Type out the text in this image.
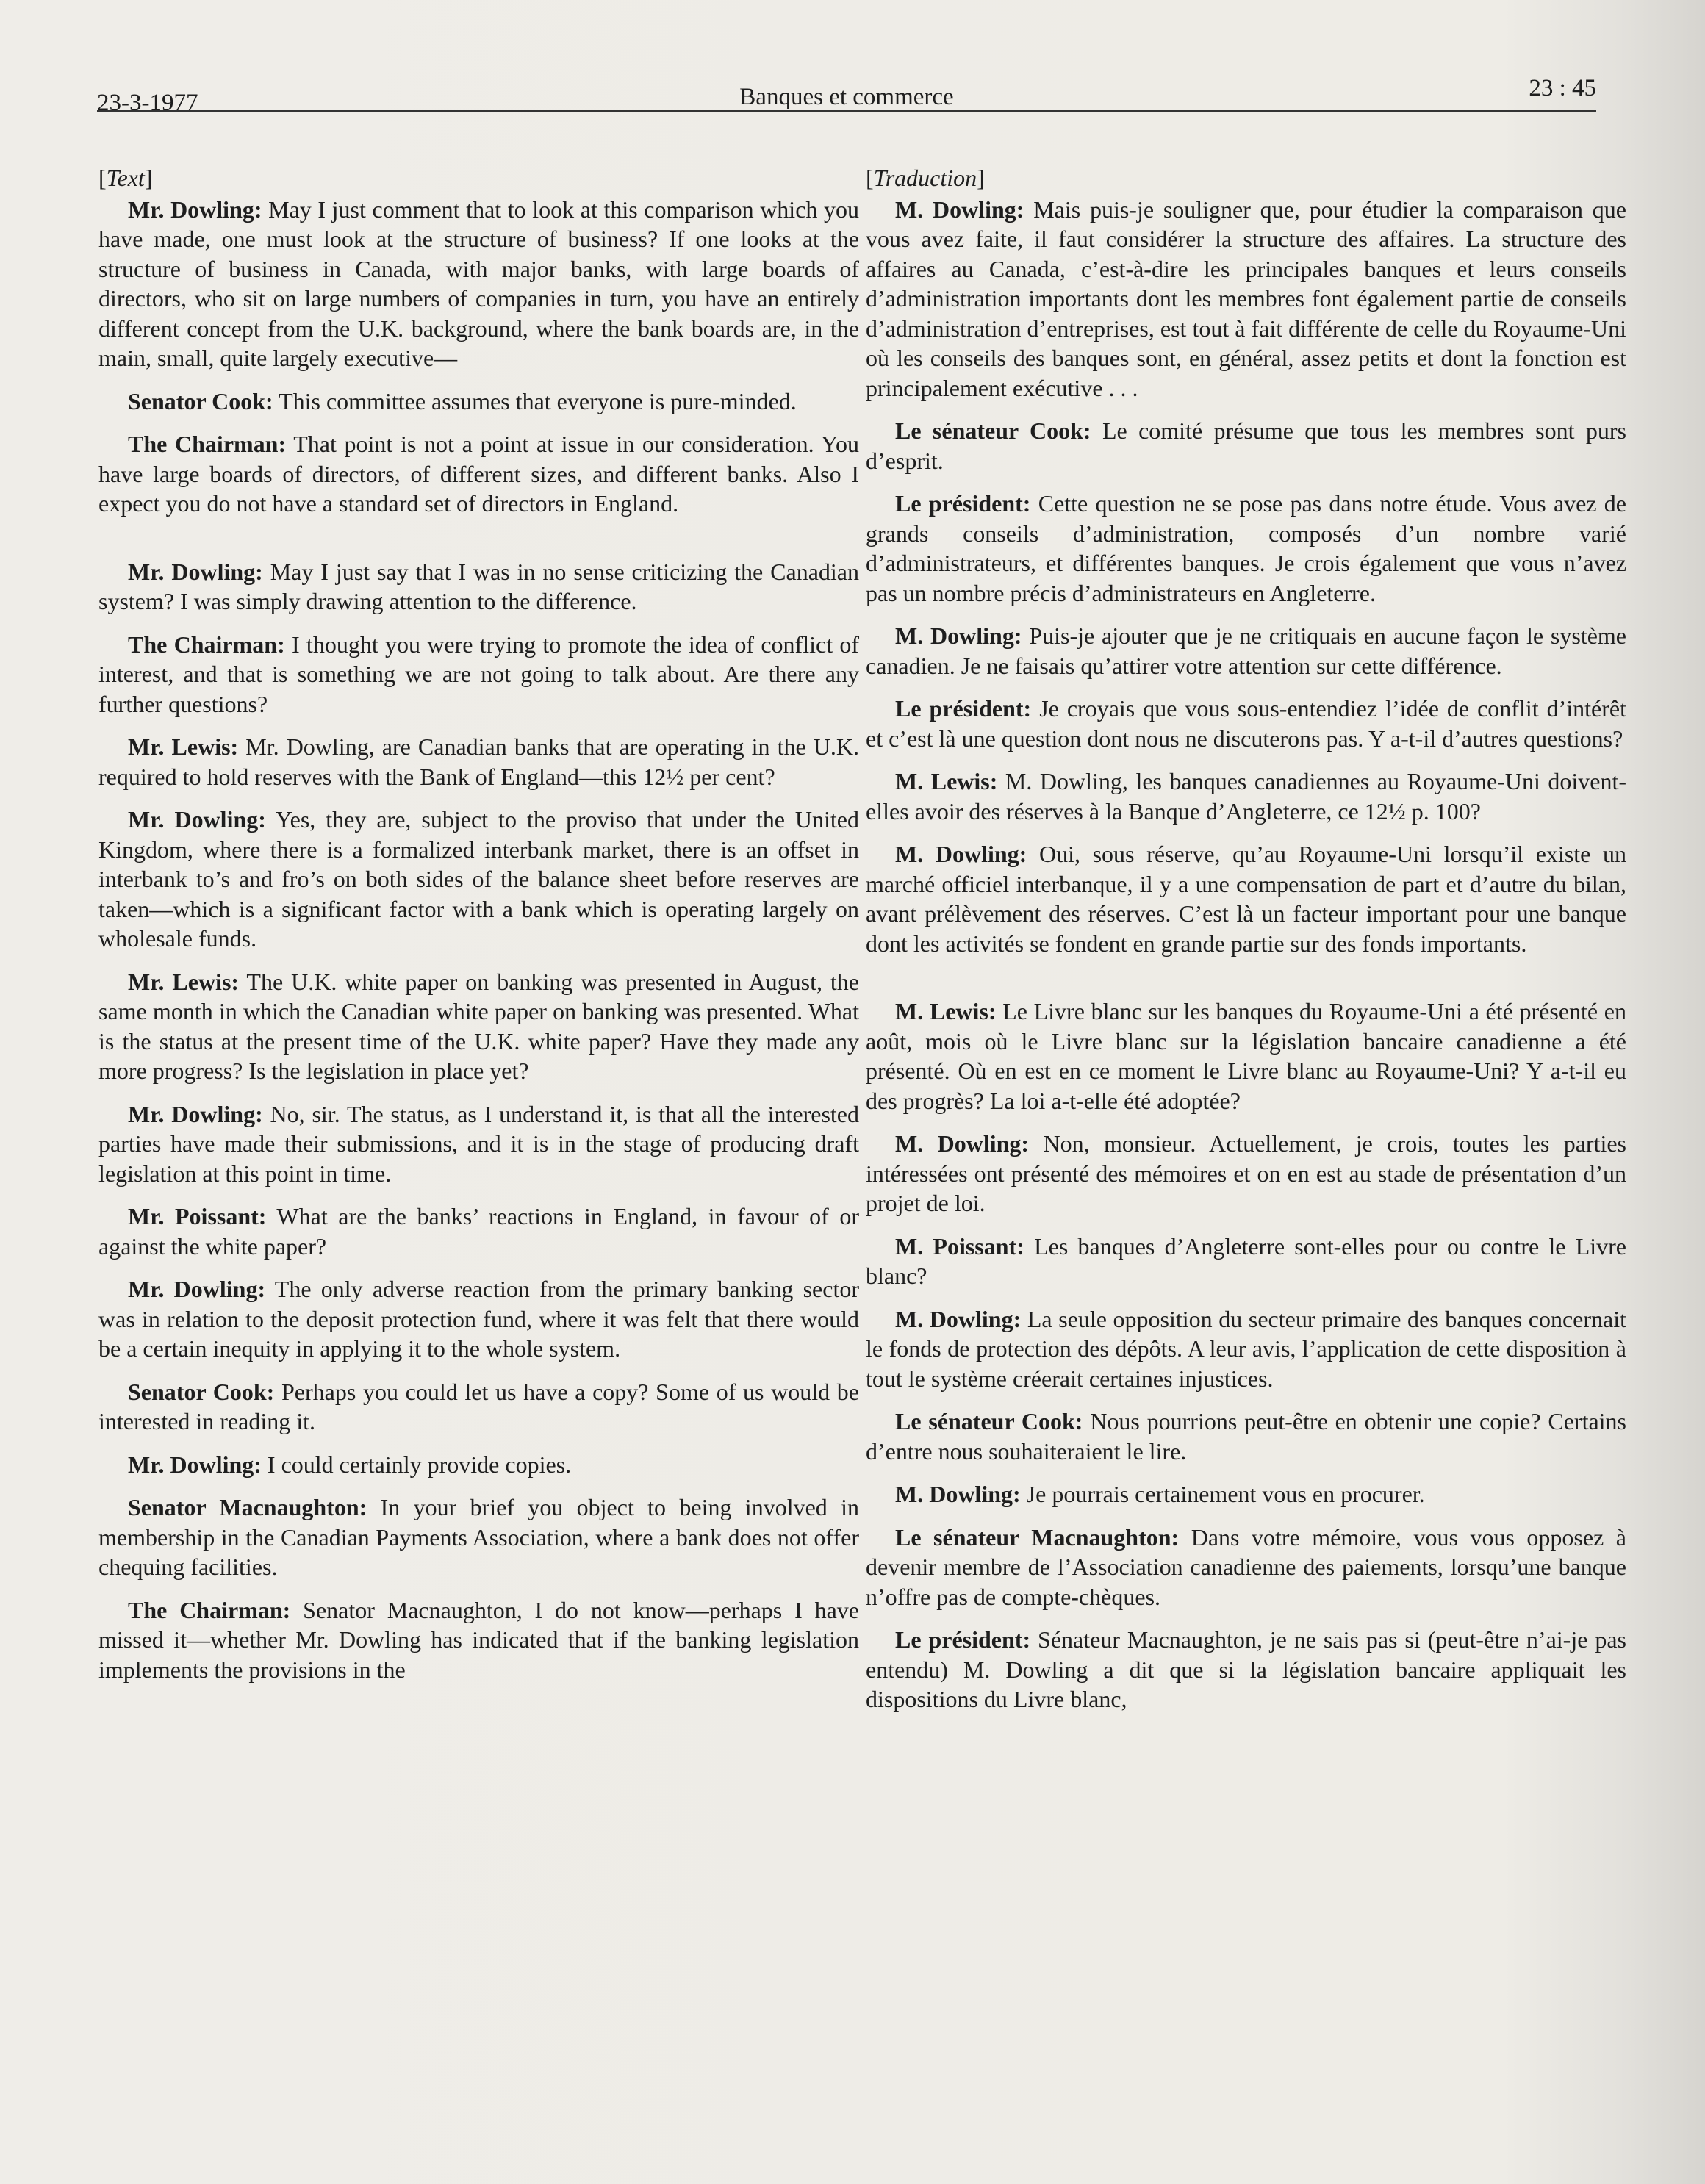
23-3-1977	Banques et commerce	23 : 45
[Text]

Mr. Dowling: May I just comment that to look at this comparison which you have made, one must look at the structure of business? If one looks at the structure of business in Canada, with major banks, with large boards of directors, who sit on large numbers of companies in turn, you have an entirely different concept from the U.K. background, where the bank boards are, in the main, small, quite largely executive—

Senator Cook: This committee assumes that everyone is pure-minded.

The Chairman: That point is not a point at issue in our consideration. You have large boards of directors, of different sizes, and different banks. Also I expect you do not have a standard set of directors in England.

Mr. Dowling: May I just say that I was in no sense criticizing the Canadian system? I was simply drawing attention to the difference.

The Chairman: I thought you were trying to promote the idea of conflict of interest, and that is something we are not going to talk about. Are there any further questions?

Mr. Lewis: Mr. Dowling, are Canadian banks that are operating in the U.K. required to hold reserves with the Bank of England—this 12½ per cent?

Mr. Dowling: Yes, they are, subject to the proviso that under the United Kingdom, where there is a formalized interbank market, there is an offset in interbank to’s and fro’s on both sides of the balance sheet before reserves are taken—which is a significant factor with a bank which is operating largely on wholesale funds.

Mr. Lewis: The U.K. white paper on banking was presented in August, the same month in which the Canadian white paper on banking was presented. What is the status at the present time of the U.K. white paper? Have they made any more progress? Is the legislation in place yet?

Mr. Dowling: No, sir. The status, as I understand it, is that all the interested parties have made their submissions, and it is in the stage of producing draft legislation at this point in time.

Mr. Poissant: What are the banks’ reactions in England, in favour of or against the white paper?

Mr. Dowling: The only adverse reaction from the primary banking sector was in relation to the deposit protection fund, where it was felt that there would be a certain inequity in applying it to the whole system.

Senator Cook: Perhaps you could let us have a copy? Some of us would be interested in reading it.

Mr. Dowling: I could certainly provide copies.

Senator Macnaughton: In your brief you object to being involved in membership in the Canadian Payments Association, where a bank does not offer chequing facilities.

The Chairman: Senator Macnaughton, I do not know—perhaps I have missed it—whether Mr. Dowling has indicated that if the banking legislation implements the provisions in the

[Traduction]

M. Dowling: Mais puis-je souligner que, pour étudier la comparaison que vous avez faite, il faut considérer la structure des affaires. La structure des affaires au Canada, c’est-à-dire les principales banques et leurs conseils d’administration importants dont les membres font également partie de conseils d’administration d’entreprises, est tout à fait différente de celle du Royaume-Uni où les conseils des banques sont, en général, assez petits et dont la fonction est principalement exécutive . . .

Le sénateur Cook: Le comité présume que tous les membres sont purs d’esprit.

Le président: Cette question ne se pose pas dans notre étude. Vous avez de grands conseils d’administration, composés d’un nombre varié d’administrateurs, et différentes banques. Je crois également que vous n’avez pas un nombre précis d’administrateurs en Angleterre.

M. Dowling: Puis-je ajouter que je ne critiquais en aucune façon le système canadien. Je ne faisais qu’attirer votre attention sur cette différence.

Le président: Je croyais que vous sous-entendiez l’idée de conflit d’intérêt et c’est là une question dont nous ne discuterons pas. Y a-t-il d’autres questions?

M. Lewis: M. Dowling, les banques canadiennes au Royaume-Uni doivent-elles avoir des réserves à la Banque d’Angleterre, ce 12½ p. 100?

M. Dowling: Oui, sous réserve, qu’au Royaume-Uni lorsqu’il existe un marché officiel interbanque, il y a une compensation de part et d’autre du bilan, avant prélèvement des réserves. C’est là un facteur important pour une banque dont les activités se fondent en grande partie sur des fonds importants.

M. Lewis: Le Livre blanc sur les banques du Royaume-Uni a été présenté en août, mois où le Livre blanc sur la législation bancaire canadienne a été présenté. Où en est en ce moment le Livre blanc au Royaume-Uni? Y a-t-il eu des progrès? La loi a-t-elle été adoptée?

M. Dowling: Non, monsieur. Actuellement, je crois, toutes les parties intéressées ont présenté des mémoires et on en est au stade de présentation d’un projet de loi.

M. Poissant: Les banques d’Angleterre sont-elles pour ou contre le Livre blanc?

M. Dowling: La seule opposition du secteur primaire des banques concernait le fonds de protection des dépôts. A leur avis, l’application de cette disposition à tout le système créerait certaines injustices.

Le sénateur Cook: Nous pourrions peut-être en obtenir une copie? Certains d’entre nous souhaiteraient le lire.

M. Dowling: Je pourrais certainement vous en procurer.

Le sénateur Macnaughton: Dans votre mémoire, vous vous opposez à devenir membre de l’Association canadienne des paiements, lorsqu’une banque n’offre pas de compte-chèques.

Le président: Sénateur Macnaughton, je ne sais pas si (peut-être n’ai-je pas entendu) M. Dowling a dit que si la législation bancaire appliquait les dispositions du Livre blanc,
